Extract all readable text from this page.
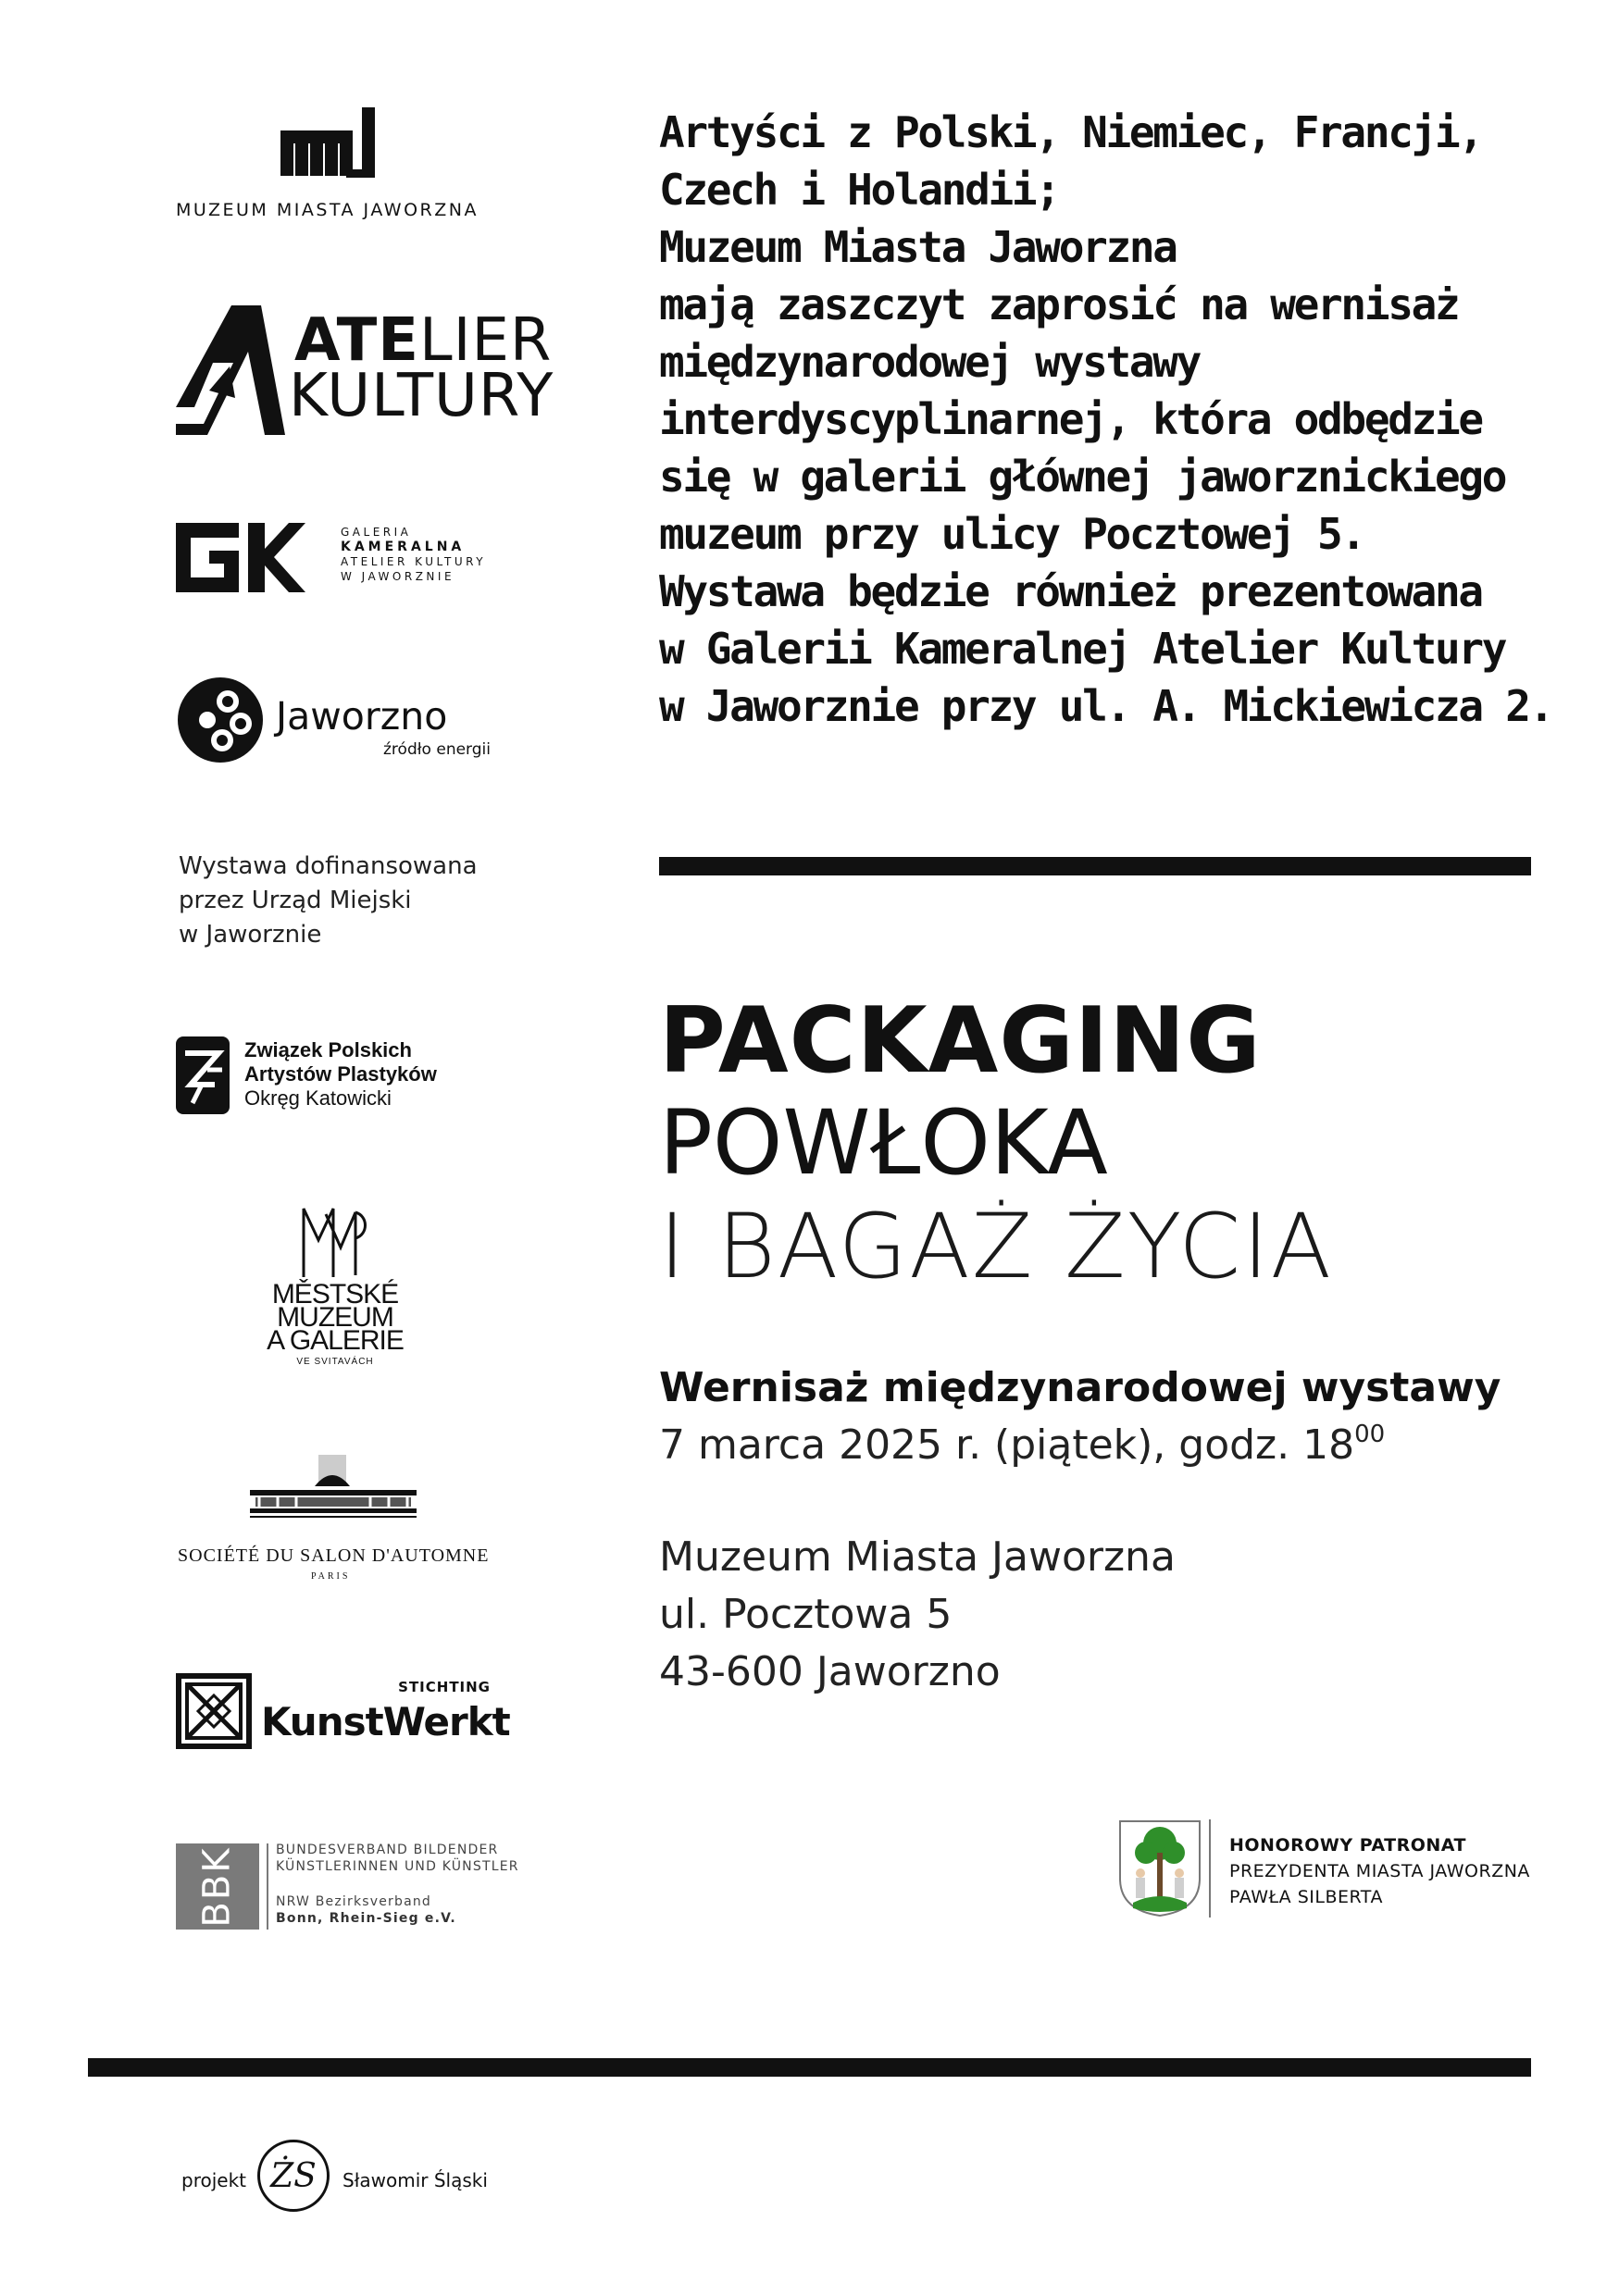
MUZEUM MIASTA JAWORZNA
ATELIER
KULTURY
GALERIA
KAMERALNA
ATELIER KULTURY
W JAWORZNIE
Jaworzno
źródło energii
Wystawa dofinansowana
przez Urząd Miejski
w Jaworznie
Związek Polskich
Artystów Plastyków
Okręg Katowicki
MĚSTSKÉ
MUZEUM
A GALERIE
VE SVITAVÁCH
SOCIÉTÉ DU SALON D'AUTOMNE
PARIS
STICHTING
KunstWerkt
BBK	BUNDESVERBAND BILDENDER
KÜNSTLERINNEN UND KÜNSTLER
NRW Bezirksverband
Bonn, Rhein-Sieg e.V.
Artyści z Polski, Niemiec, Francji,
Czech i Holandii;
Muzeum Miasta Jaworzna
mają zaszczyt zaprosić na wernisaż
międzynarodowej wystawy
interdyscyplinarnej, która odbędzie
się w galerii głównej jaworznickiego
muzeum przy ulicy Pocztowej 5.
Wystawa będzie również prezentowana
w Galerii Kameralnej Atelier Kultury
w Jaworznie przy ul. A. Mickiewicza 2.
PACKAGING
POWŁOKA
I BAGAŻ ŻYCIA
Wernisaż międzynarodowej wystawy
7 marca 2025 r. (piątek), godz. $18^{00}$
Muzeum Miasta Jaworzna
ul. Pocztowa 5
43-600 Jaworzno
HONOROWY PATRONAT
PREZYDENTA MIASTA JAWORZNA
PAWŁA SILBERTA
projekt ŻS Sławomir Śląski
